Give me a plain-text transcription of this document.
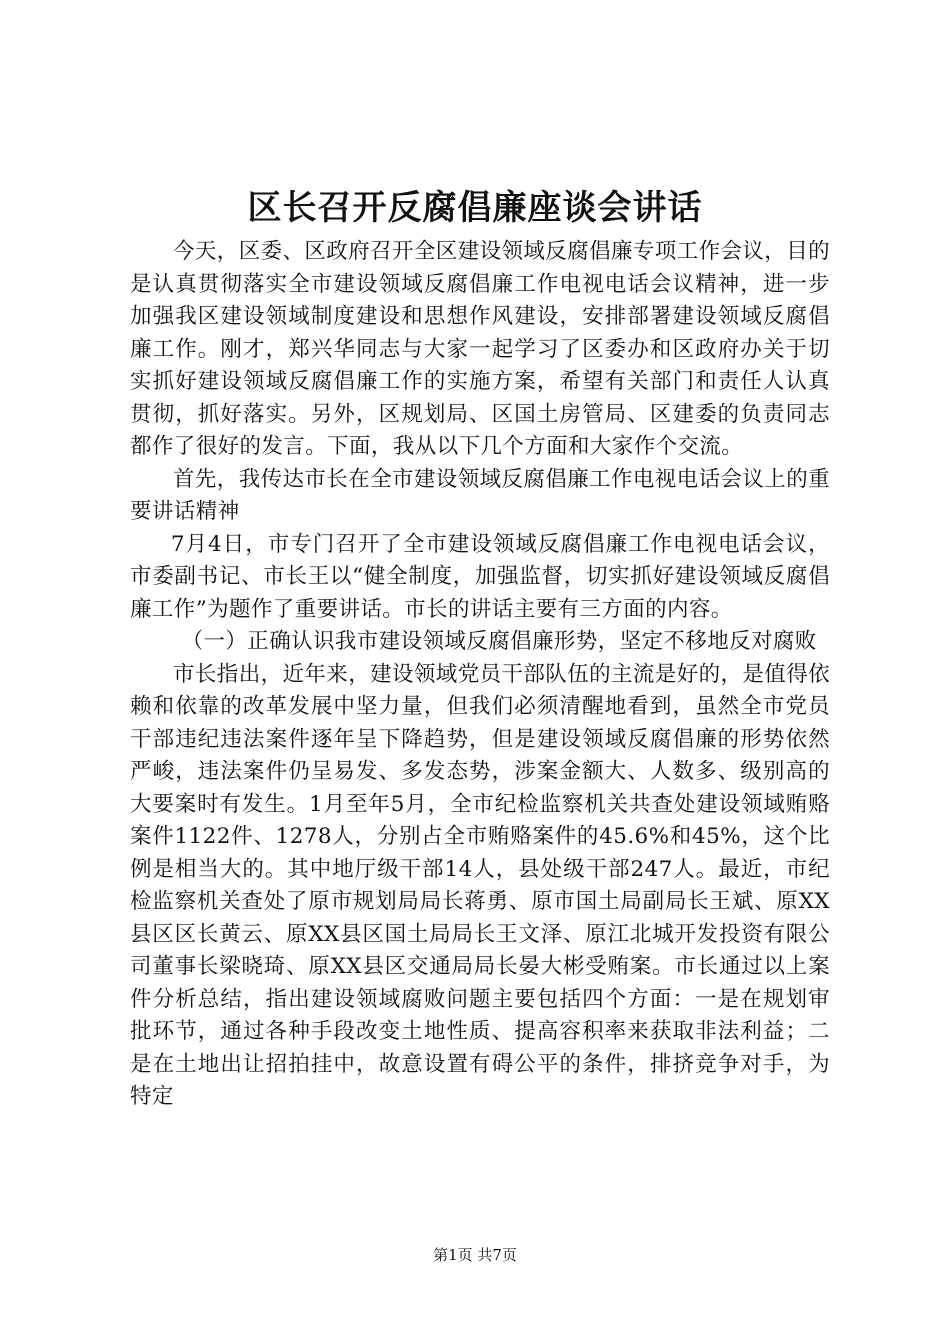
区长召开反腐倡廉座谈会讲话

今天，区委、区政府召开全区建设领域反腐倡廉专项工作会议，目的是认真贯彻落实全市建设领域反腐倡廉工作电视电话会议精神，进一步加强我区建设领域制度建设和思想作风建设，安排部署建设领域反腐倡廉工作。刚才，郑兴华同志与大家一起学习了区委办和区政府办关于切实抓好建设领域反腐倡廉工作的实施方案，希望有关部门和责任人认真贯彻，抓好落实。另外，区规划局、区国土房管局、区建委的负责同志都作了很好的发言。下面，我从以下几个方面和大家作个交流。

首先，我传达市长在全市建设领域反腐倡廉工作电视电话会议上的重要讲话精神

7月4日，市专门召开了全市建设领域反腐倡廉工作电视电话会议，市委副书记、市长王以“健全制度，加强监督，切实抓好建设领域反腐倡廉工作”为题作了重要讲话。市长的讲话主要有三方面的内容。

（一）正确认识我市建设领域反腐倡廉形势，坚定不移地反对腐败

市长指出，近年来，建设领域党员干部队伍的主流是好的，是值得依赖和依靠的改革发展中坚力量，但我们必须清醒地看到，虽然全市党员干部违纪违法案件逐年呈下降趋势，但是建设领域反腐倡廉的形势依然严峻，违法案件仍呈易发、多发态势，涉案金额大、人数多、级别高的大要案时有发生。1月至年5月，全市纪检监察机关共查处建设领域贿赂案件1122件、1278人，分别占全市贿赂案件的45.6%和45%，这个比例是相当大的。其中地厅级干部14人，县处级干部247人。最近，市纪检监察机关查处了原市规划局局长蒋勇、原市国土局副局长王斌、原XX县区区长黄云、原XX县区国土局局长王文泽、原江北城开发投资有限公司董事长梁晓琦、原XX县区交通局局长晏大彬受贿案。市长通过以上案件分析总结，指出建设领域腐败问题主要包括四个方面：一是在规划审批环节，通过各种手段改变土地性质、提高容积率来获取非法利益；二是在土地出让招拍挂中，故意设置有碍公平的条件，排挤竞争对手，为特定

第1页 共7页
